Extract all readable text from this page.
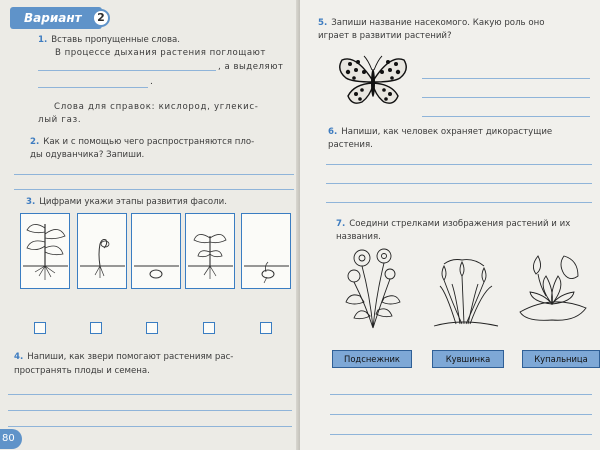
Вариант	2
1. Вставь пропущенные слова.
В процессе дыхания растения поглощают
, а выделяют
.
Слова для справок: кислород, углекис-
лый газ.
2. Как и с помощью чего распространяются пло-
ды одуванчика? Запиши.
3. Цифрами укажи этапы развития фасоли.
4. Напиши, как звери помогают растениям рас-
пространять плоды и семена.
80
5. Запиши название насекомого. Какую роль оно
играет в развитии растений?
6. Напиши, как человек охраняет дикорастущие
растения.
7. Соедини стрелками изображения растений и их
названия.
Подснежник	Кувшинка	Купальница
